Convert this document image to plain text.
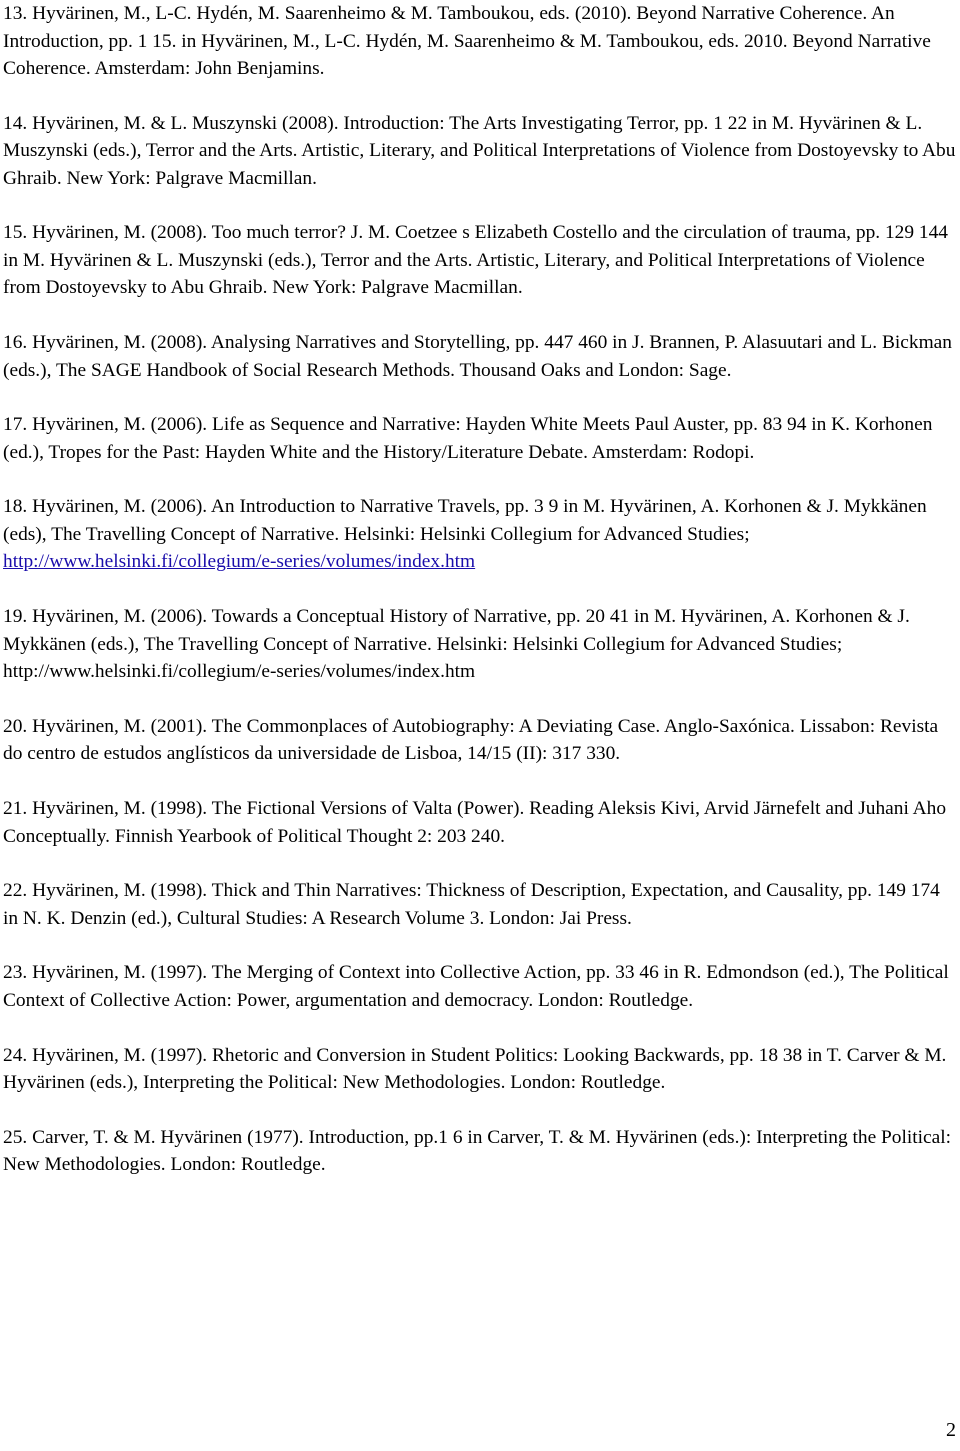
13. Hyvärinen, M., L-C. Hydén, M. Saarenheimo & M. Tamboukou, eds. (2010). Beyond Narrative Coherence. An Introduction, pp. 1 15. in Hyvärinen, M., L-C. Hydén, M. Saarenheimo & M. Tamboukou, eds. 2010. Beyond Narrative Coherence. Amsterdam: John Benjamins.

14. Hyvärinen, M. & L. Muszynski (2008). Introduction: The Arts Investigating Terror, pp. 1 22 in M. Hyvärinen & L. Muszynski (eds.), Terror and the Arts. Artistic, Literary, and Political Interpretations of Violence from Dostoyevsky to Abu Ghraib. New York: Palgrave Macmillan.

15. Hyvärinen, M. (2008). Too much terror? J. M. Coetzee s Elizabeth Costello and the circulation of trauma, pp. 129 144 in M. Hyvärinen & L. Muszynski (eds.), Terror and the Arts. Artistic, Literary, and Political Interpretations of Violence from Dostoyevsky to Abu Ghraib. New York: Palgrave Macmillan.

16. Hyvärinen, M. (2008). Analysing Narratives and Storytelling, pp. 447 460 in J. Brannen, P. Alasuutari and L. Bickman (eds.), The SAGE Handbook of Social Research Methods. Thousand Oaks and London: Sage.

17. Hyvärinen, M. (2006). Life as Sequence and Narrative: Hayden White Meets Paul Auster, pp. 83 94 in K. Korhonen (ed.), Tropes for the Past: Hayden White and the History/Literature Debate. Amsterdam: Rodopi.

18. Hyvärinen, M. (2006). An Introduction to Narrative Travels, pp. 3 9 in M. Hyvärinen, A. Korhonen & J. Mykkänen (eds), The Travelling Concept of Narrative. Helsinki: Helsinki Collegium for Advanced Studies; http://www.helsinki.fi/collegium/e-series/volumes/index.htm

19. Hyvärinen, M. (2006). Towards a Conceptual History of Narrative, pp. 20 41 in M. Hyvärinen, A. Korhonen & J. Mykkänen (eds.), The Travelling Concept of Narrative. Helsinki: Helsinki Collegium for Advanced Studies; http://www.helsinki.fi/collegium/e-series/volumes/index.htm

20. Hyvärinen, M. (2001). The Commonplaces of Autobiography: A Deviating Case. Anglo-Saxónica. Lissabon: Revista do centro de estudos anglísticos da universidade de Lisboa, 14/15 (II): 317 330.

21. Hyvärinen, M. (1998). The Fictional Versions of Valta (Power). Reading Aleksis Kivi, Arvid Järnefelt and Juhani Aho Conceptually. Finnish Yearbook of Political Thought 2: 203 240.

22. Hyvärinen, M. (1998). Thick and Thin Narratives: Thickness of Description, Expectation, and Causality, pp. 149 174 in N. K. Denzin (ed.), Cultural Studies: A Research Volume 3. London: Jai Press.

23. Hyvärinen, M. (1997). The Merging of Context into Collective Action, pp. 33 46 in R. Edmondson (ed.), The Political Context of Collective Action: Power, argumentation and democracy. London: Routledge.

24. Hyvärinen, M. (1997). Rhetoric and Conversion in Student Politics: Looking Backwards, pp. 18 38 in T. Carver & M. Hyvärinen (eds.), Interpreting the Political: New Methodologies. London: Routledge.

25. Carver, T. & M. Hyvärinen (1977). Introduction, pp.1 6 in Carver, T. & M. Hyvärinen (eds.): Interpreting the Political: New Methodologies. London: Routledge.

2
